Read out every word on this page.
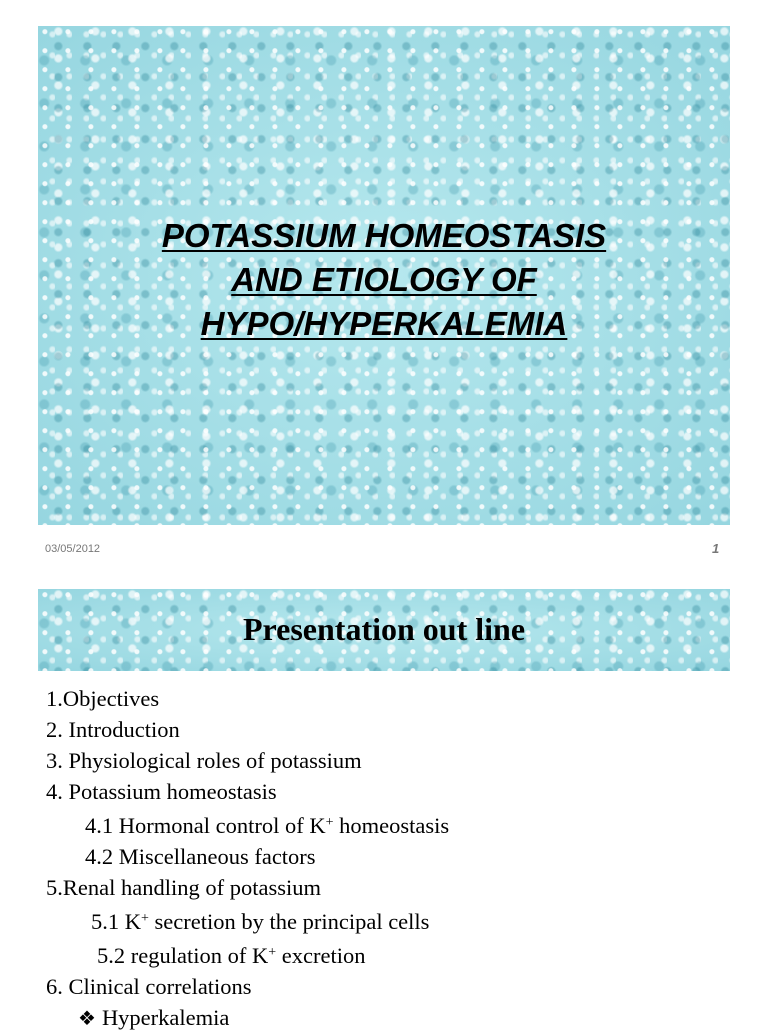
POTASSIUM HOMEOSTASIS
AND ETIOLOGY OF
HYPO/HYPERKALEMIA
03/05/2012	1
Presentation out line
1.Objectives
2. Introduction
3. Physiological roles of potassium
4. Potassium homeostasis
4.1 Hormonal control of K+ homeostasis
4.2 Miscellaneous factors
5.Renal handling of potassium
5.1 K+ secretion by the principal cells
5.2 regulation of K+ excretion
6. Clinical correlations
❖ Hyperkalemia
